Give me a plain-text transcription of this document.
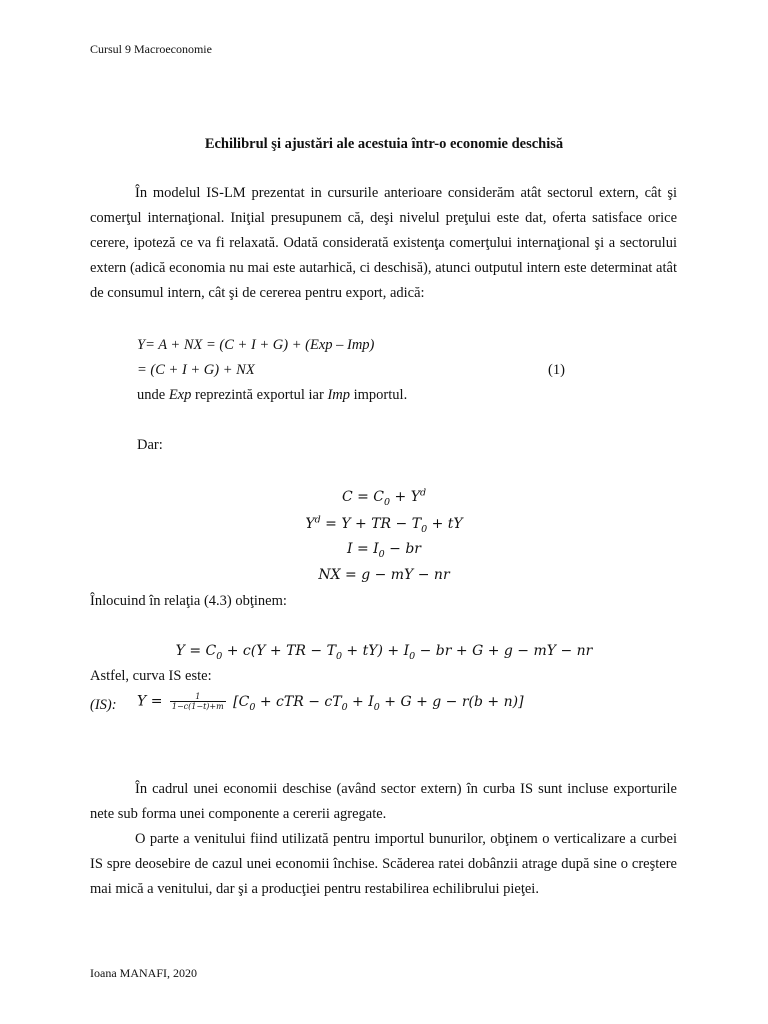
Cursul 9 Macroeconomie
Echilibrul şi ajustări ale acestuia într-o economie deschisă

În modelul IS-LM prezentat in cursurile anterioare considerăm atât sectorul extern, cât şi comerţul internaţional. Iniţial presupunem că, deşi nivelul preţului este dat, oferta satisface orice cerere, ipoteză ce va fi relaxată. Odată considerată existenţa comerţului internaţional şi a sectorului extern (adică economia nu mai este autarhică, ci deschisă), atunci outputul intern este determinat atât de consumul intern, cât şi de cererea pentru export, adică:

Y= A + NX = (C + I + G) + (Exp – Imp)
= (C + I + G) + NX	(1)
unde Exp reprezintă exportul iar Imp importul.
Dar:
$C = C_0 + Y^d$
$Y^d = Y$ + TR − $T_0$ + tY
$I = I_0$ − br
NX = g − mY − nr
Înlocuind în relaţia (4.3) obţinem:
$Y = C_0 + c(Y$ + TR − $T_0 + tY) + I_0$ − br + G + g − mY − nr
Astfel, curva IS este:
(IS): $Y = \frac{1}{1-c(1-t)+m} [C_0$ + cTR − $cT_0 + I_0 + G + g - r(b + n)$]

În cadrul unei economii deschise (având sector extern) în curba IS sunt incluse exporturile nete sub forma unei componente a cererii agregate.

O parte a venitului fiind utilizată pentru importul bunurilor, obţinem o verticalizare a curbei IS spre deosebire de cazul unei economii închise. Scăderea ratei dobânzii atrage după sine o creştere mai mică a venitului, dar şi a producţiei pentru restabilirea echilibrului pieţei.

Ioana MANAFI, 2020
